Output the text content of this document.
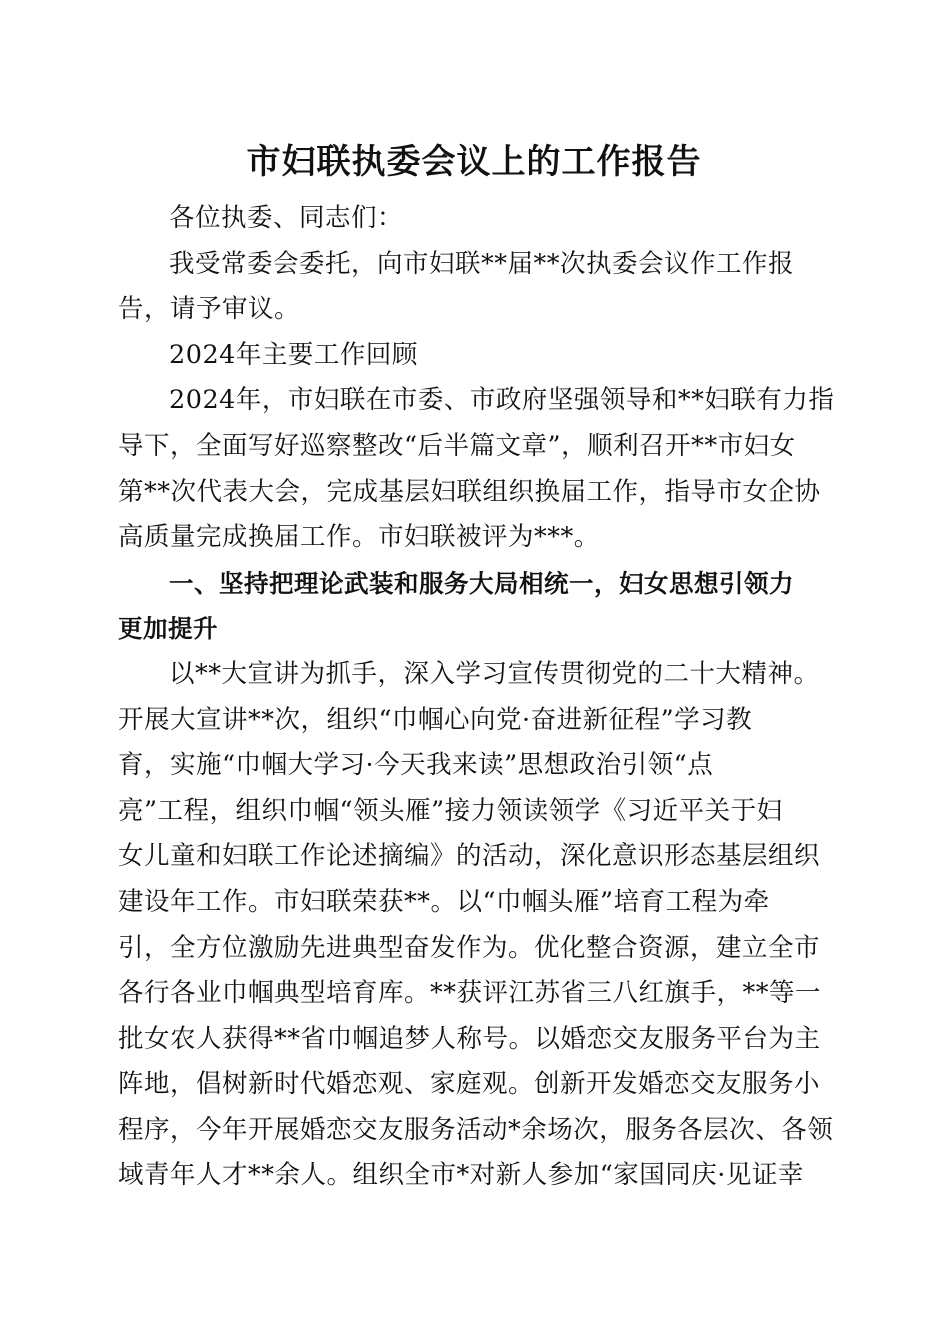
市妇联执委会议上的工作报告
各位执委、同志们：
我受常委会委托，向市妇联**届**次执委会议作工作报
告，请予审议。
2024年主要工作回顾
2024年，市妇联在市委、市政府坚强领导和**妇联有力指
导下，全面写好巡察整改“后半篇文章”，顺利召开**市妇女
第**次代表大会，完成基层妇联组织换届工作，指导市女企协
高质量完成换届工作。市妇联被评为***。
一、坚持把理论武装和服务大局相统一，妇女思想引领力
更加提升
以**大宣讲为抓手，深入学习宣传贯彻党的二十大精神。
开展大宣讲**次，组织“巾帼心向党·奋进新征程”学习教
育，实施“巾帼大学习·今天我来读”思想政治引领“点
亮”工程，组织巾帼“领头雁”接力领读领学《习近平关于妇
女儿童和妇联工作论述摘编》的活动，深化意识形态基层组织
建设年工作。市妇联荣获**。以“巾帼头雁”培育工程为牵
引，全方位激励先进典型奋发作为。优化整合资源，建立全市
各行各业巾帼典型培育库。**获评江苏省三八红旗手，**等一
批女农人获得**省巾帼追梦人称号。以婚恋交友服务平台为主
阵地，倡树新时代婚恋观、家庭观。创新开发婚恋交友服务小
程序，今年开展婚恋交友服务活动*余场次，服务各层次、各领
域青年人才**余人。组织全市*对新人参加“家国同庆·见证幸
